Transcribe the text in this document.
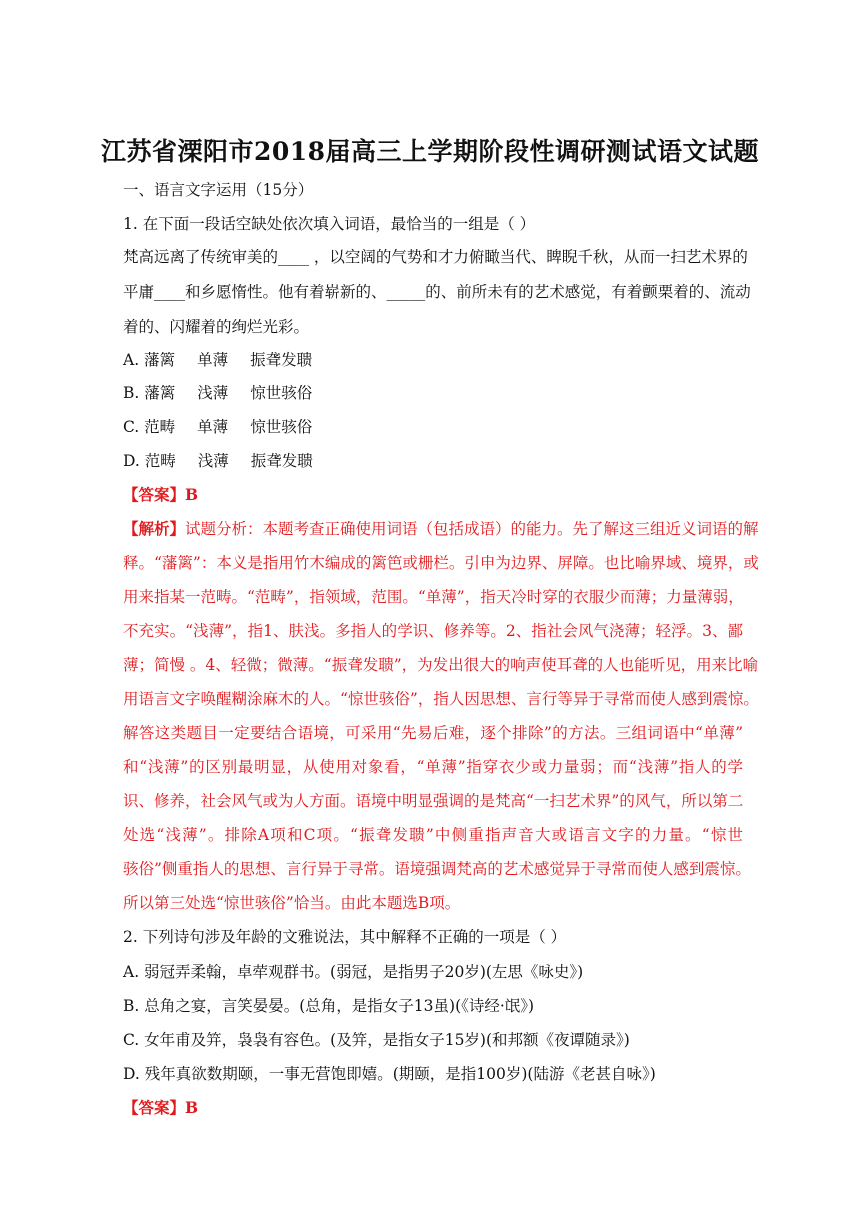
江苏省溧阳市2018届高三上学期阶段性调研测试语文试题
一、语言文字运用（15分）
1. 在下面一段话空缺处依次填入词语，最恰当的一组是（ ）
梵高远离了传统审美的____ ，以空阔的气势和才力俯瞰当代、睥睨千秋，从而一扫艺术界的
平庸____和乡愿惰性。他有着崭新的、_____的、前所未有的艺术感觉，有着颤栗着的、流动
着的、闪耀着的绚烂光彩。
A. 藩篱 单薄 振聋发聩
B. 藩篱 浅薄 惊世骇俗
C. 范畴 单薄 惊世骇俗
D. 范畴 浅薄 振聋发聩
【答案】B
【解析】试题分析：本题考查正确使用词语（包括成语）的能力。先了解这三组近义词语的解
释。“藩篱”：本义是指用竹木编成的篱笆或栅栏。引申为边界、屏障。也比喻界域、境界，或
用来指某一范畴。“范畴”，指领域，范围。“单薄”，指天冷时穿的衣服少而薄；力量薄弱，
不充实。“浅薄”，指1、肤浅。多指人的学识、修养等。2、指社会风气浇薄；轻浮。3、鄙
薄；简慢 。4、轻微；微薄。“振聋发聩”，为发出很大的响声使耳聋的人也能听见，用来比喻
用语言文字唤醒糊涂麻木的人。“惊世骇俗”，指人因思想、言行等异于寻常而使人感到震惊。
解答这类题目一定要结合语境，可采用“先易后难，逐个排除”的方法。三组词语中“单薄”
和“浅薄”的区别最明显，从使用对象看，“单薄”指穿衣少或力量弱；而“浅薄”指人的学
识、修养，社会风气或为人方面。语境中明显强调的是梵高“一扫艺术界”的风气，所以第二
处选“浅薄”。排除A项和C项。“振聋发聩”中侧重指声音大或语言文字的力量。“惊世
骇俗”侧重指人的思想、言行异于寻常。语境强调梵高的艺术感觉异于寻常而使人感到震惊。
所以第三处选“惊世骇俗”恰当。由此本题选B项。
2. 下列诗句涉及年龄的文雅说法，其中解释不正确的一项是（ ）
A. 弱冠弄柔翰，卓荦观群书。(弱冠，是指男子20岁)(左思《咏史》)
B. 总角之宴，言笑晏晏。(总角，是指女子13虽)(《诗经·氓》)
C. 女年甫及笄，袅袅有容色。(及笄，是指女子15岁)(和邦额《夜谭随录》)
D. 残年真欲数期颐，一事无营饱即嬉。(期颐，是指100岁)(陆游《老甚自咏》)
【答案】B
